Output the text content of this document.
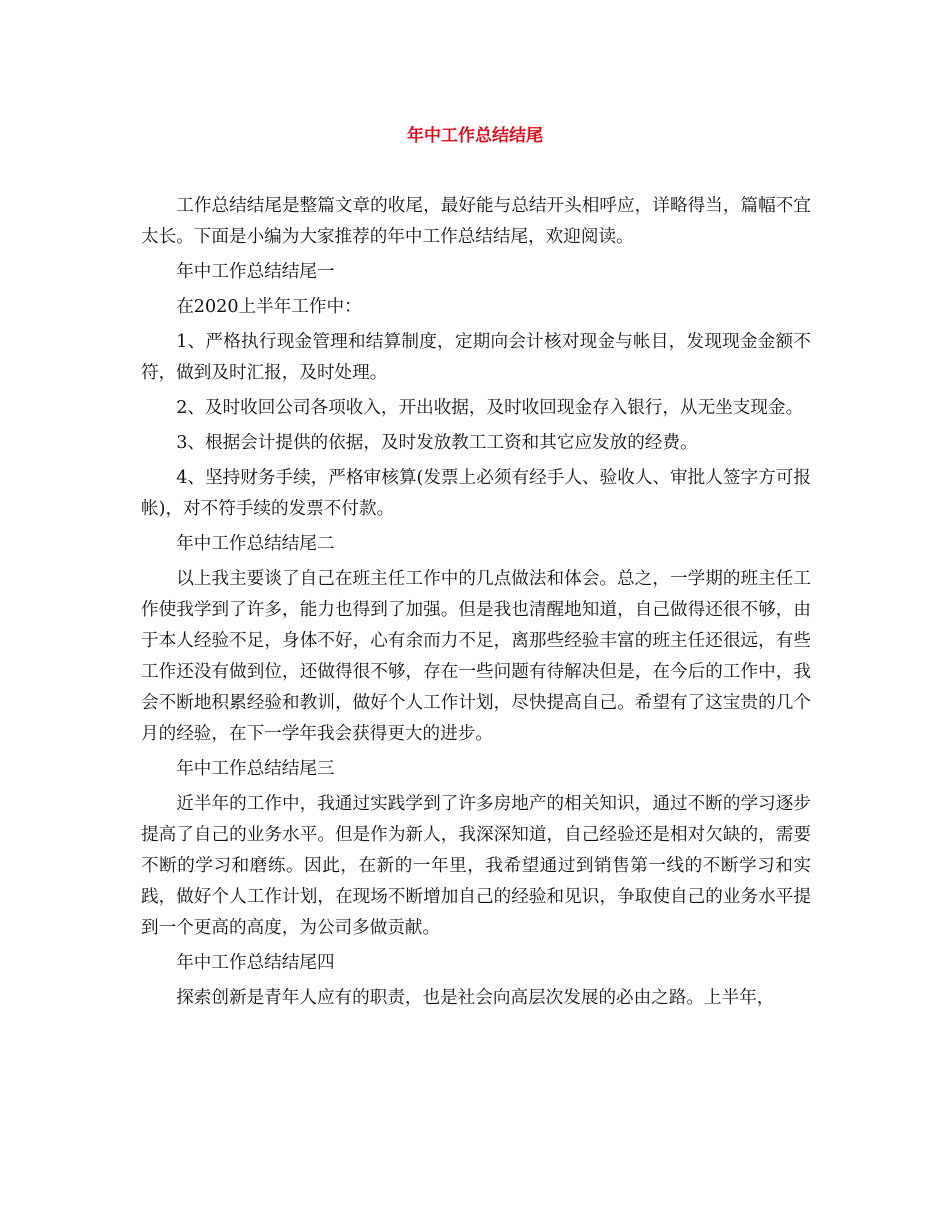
年中工作总结结尾

工作总结结尾是整篇文章的收尾，最好能与总结开头相呼应，详略得当，篇幅不宜太长。下面是小编为大家推荐的年中工作总结结尾，欢迎阅读。

年中工作总结结尾一

在2020上半年工作中：

1、严格执行现金管理和结算制度，定期向会计核对现金与帐目，发现现金金额不符，做到及时汇报，及时处理。

2、及时收回公司各项收入，开出收据，及时收回现金存入银行，从无坐支现金。

3、根据会计提供的依据，及时发放教工工资和其它应发放的经费。

4、坚持财务手续，严格审核算(发票上必须有经手人、验收人、审批人签字方可报帐)，对不符手续的发票不付款。

年中工作总结结尾二

以上我主要谈了自己在班主任工作中的几点做法和体会。总之，一学期的班主任工作使我学到了许多，能力也得到了加强。但是我也清醒地知道，自己做得还很不够，由于本人经验不足，身体不好，心有余而力不足，离那些经验丰富的班主任还很远，有些工作还没有做到位，还做得很不够，存在一些问题有待解决但是，在今后的工作中，我会不断地积累经验和教训，做好个人工作计划，尽快提高自己。希望有了这宝贵的几个月的经验，在下一学年我会获得更大的进步。

年中工作总结结尾三

近半年的工作中，我通过实践学到了许多房地产的相关知识，通过不断的学习逐步提高了自己的业务水平。但是作为新人，我深深知道，自己经验还是相对欠缺的，需要不断的学习和磨练。因此，在新的一年里，我希望通过到销售第一线的不断学习和实践，做好个人工作计划，在现场不断增加自己的经验和见识，争取使自己的业务水平提到一个更高的高度，为公司多做贡献。

年中工作总结结尾四

探索创新是青年人应有的职责，也是社会向高层次发展的必由之路。上半年，
